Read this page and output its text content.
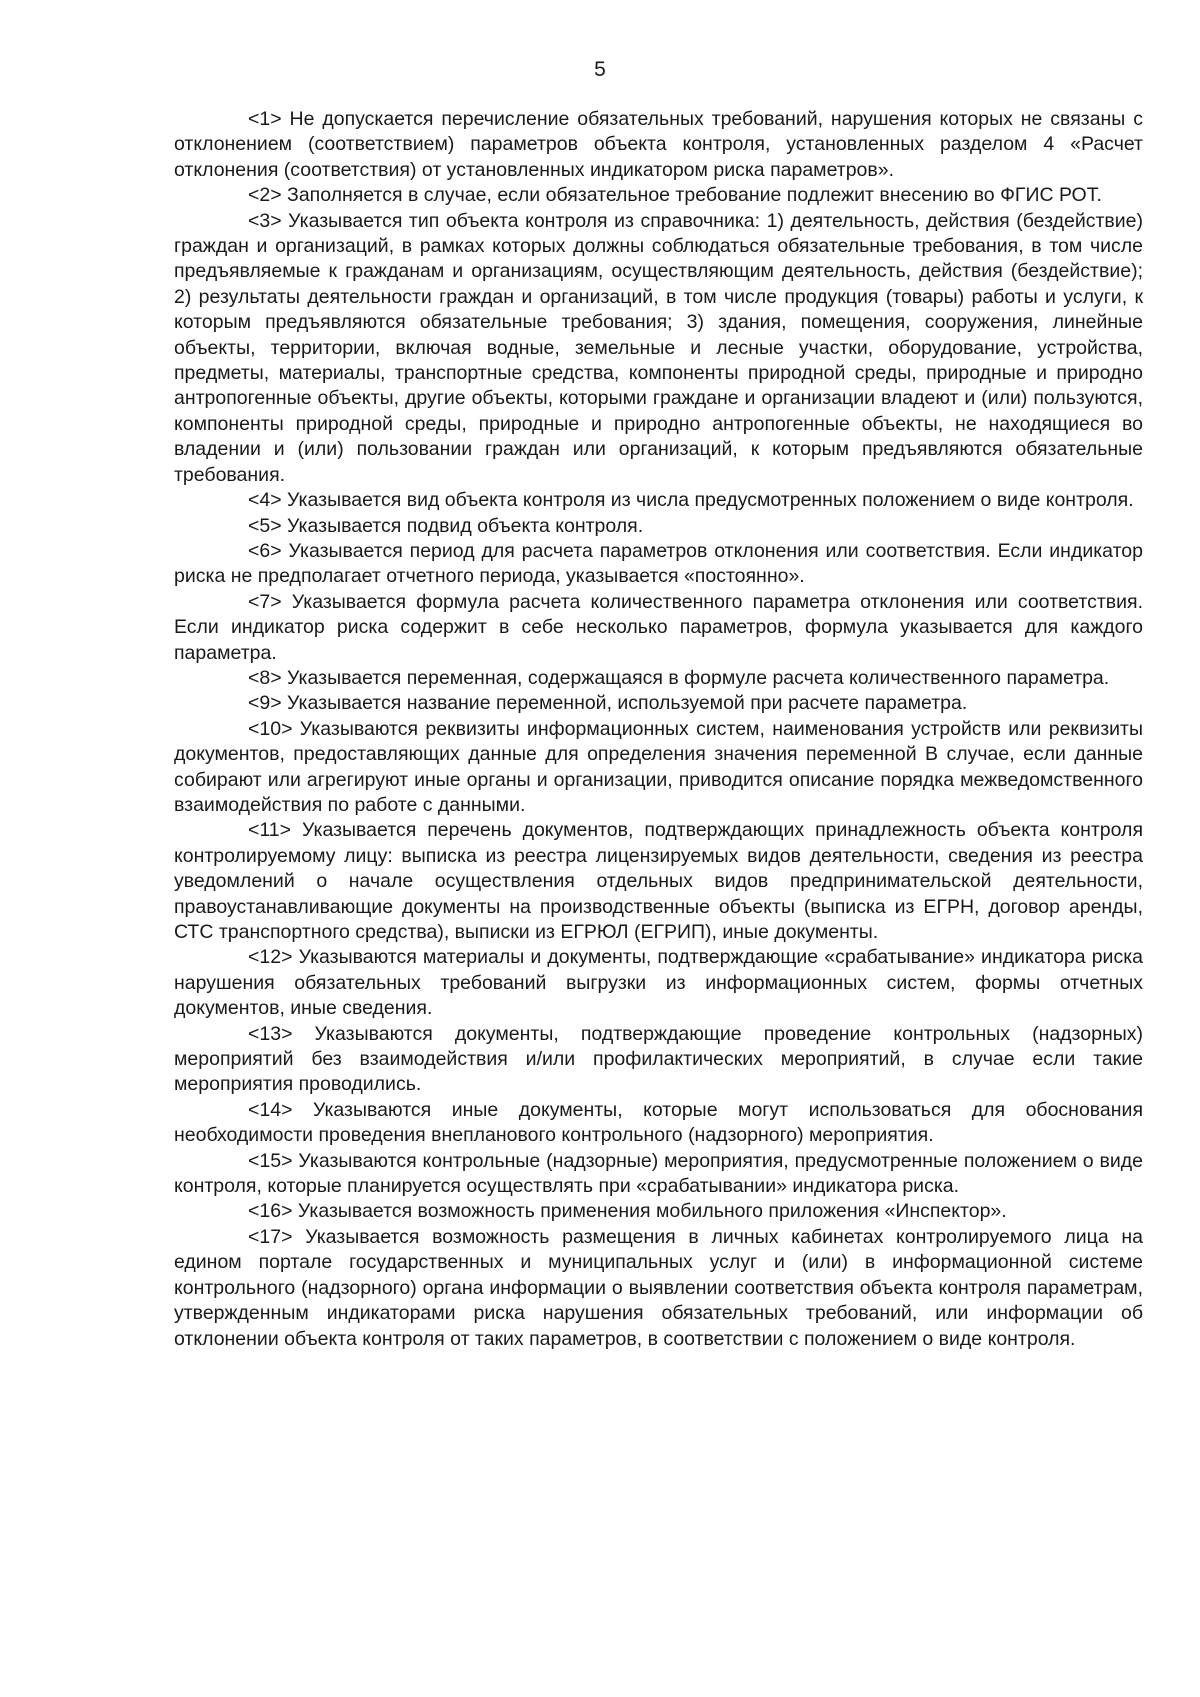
5

<1> Не допускается перечисление обязательных требований, нарушения которых не связаны с отклонением (соответствием) параметров объекта контроля, установленных разделом 4 «Расчет отклонения (соответствия) от установленных индикатором риска параметров».

<2> Заполняется в случае, если обязательное требование подлежит внесению во ФГИС РОТ.

<3> Указывается тип объекта контроля из справочника: 1) деятельность, действия (бездействие) граждан и организаций, в рамках которых должны соблюдаться обязательные требования, в том числе предъявляемые к гражданам и организациям, осуществляющим деятельность, действия (бездействие); 2) результаты деятельности граждан и организаций, в том числе продукция (товары) работы и услуги, к которым предъявляются обязательные требования; 3) здания, помещения, сооружения, линейные объекты, территории, включая водные, земельные и лесные участки, оборудование, устройства, предметы, материалы, транспортные средства, компоненты природной среды, природные и природно антропогенные объекты, другие объекты, которыми граждане и организации владеют и (или) пользуются, компоненты природной среды, природные и природно антропогенные объекты, не находящиеся во владении и (или) пользовании граждан или организаций, к которым предъявляются обязательные требования.

<4> Указывается вид объекта контроля из числа предусмотренных положением о виде контроля.

<5> Указывается подвид объекта контроля.

<6> Указывается период для расчета параметров отклонения или соответствия. Если индикатор риска не предполагает отчетного периода, указывается «постоянно».

<7> Указывается формула расчета количественного параметра отклонения или соответствия. Если индикатор риска содержит в себе несколько параметров, формула указывается для каждого параметра.

<8> Указывается переменная, содержащаяся в формуле расчета количественного параметра.

<9> Указывается название переменной, используемой при расчете параметра.

<10> Указываются реквизиты информационных систем, наименования устройств или реквизиты документов, предоставляющих данные для определения значения переменной В случае, если данные собирают или агрегируют иные органы и организации, приводится описание порядка межведомственного взаимодействия по работе с данными.

<11> Указывается перечень документов, подтверждающих принадлежность объекта контроля контролируемому лицу: выписка из реестра лицензируемых видов деятельности, сведения из реестра уведомлений о начале осуществления отдельных видов предпринимательской деятельности, правоустанавливающие документы на производственные объекты (выписка из ЕГРН, договор аренды, СТС транспортного средства), выписки из ЕГРЮЛ (ЕГРИП), иные документы.

<12> Указываются материалы и документы, подтверждающие «срабатывание» индикатора риска нарушения обязательных требований выгрузки из информационных систем, формы отчетных документов, иные сведения.

<13> Указываются документы, подтверждающие проведение контрольных (надзорных) мероприятий без взаимодействия и/или профилактических мероприятий, в случае если такие мероприятия проводились.

<14> Указываются иные документы, которые могут использоваться для обоснования необходимости проведения внепланового контрольного (надзорного) мероприятия.

<15> Указываются контрольные (надзорные) мероприятия, предусмотренные положением о виде контроля, которые планируется осуществлять при «срабатывании» индикатора риска.

<16> Указывается возможность применения мобильного приложения «Инспектор».

<17> Указывается возможность размещения в личных кабинетах контролируемого лица на едином портале государственных и муниципальных услуг и (или) в информационной системе контрольного (надзорного) органа информации о выявлении соответствия объекта контроля параметрам, утвержденным индикаторами риска нарушения обязательных требований, или информации об отклонении объекта контроля от таких параметров, в соответствии с положением о виде контроля.
